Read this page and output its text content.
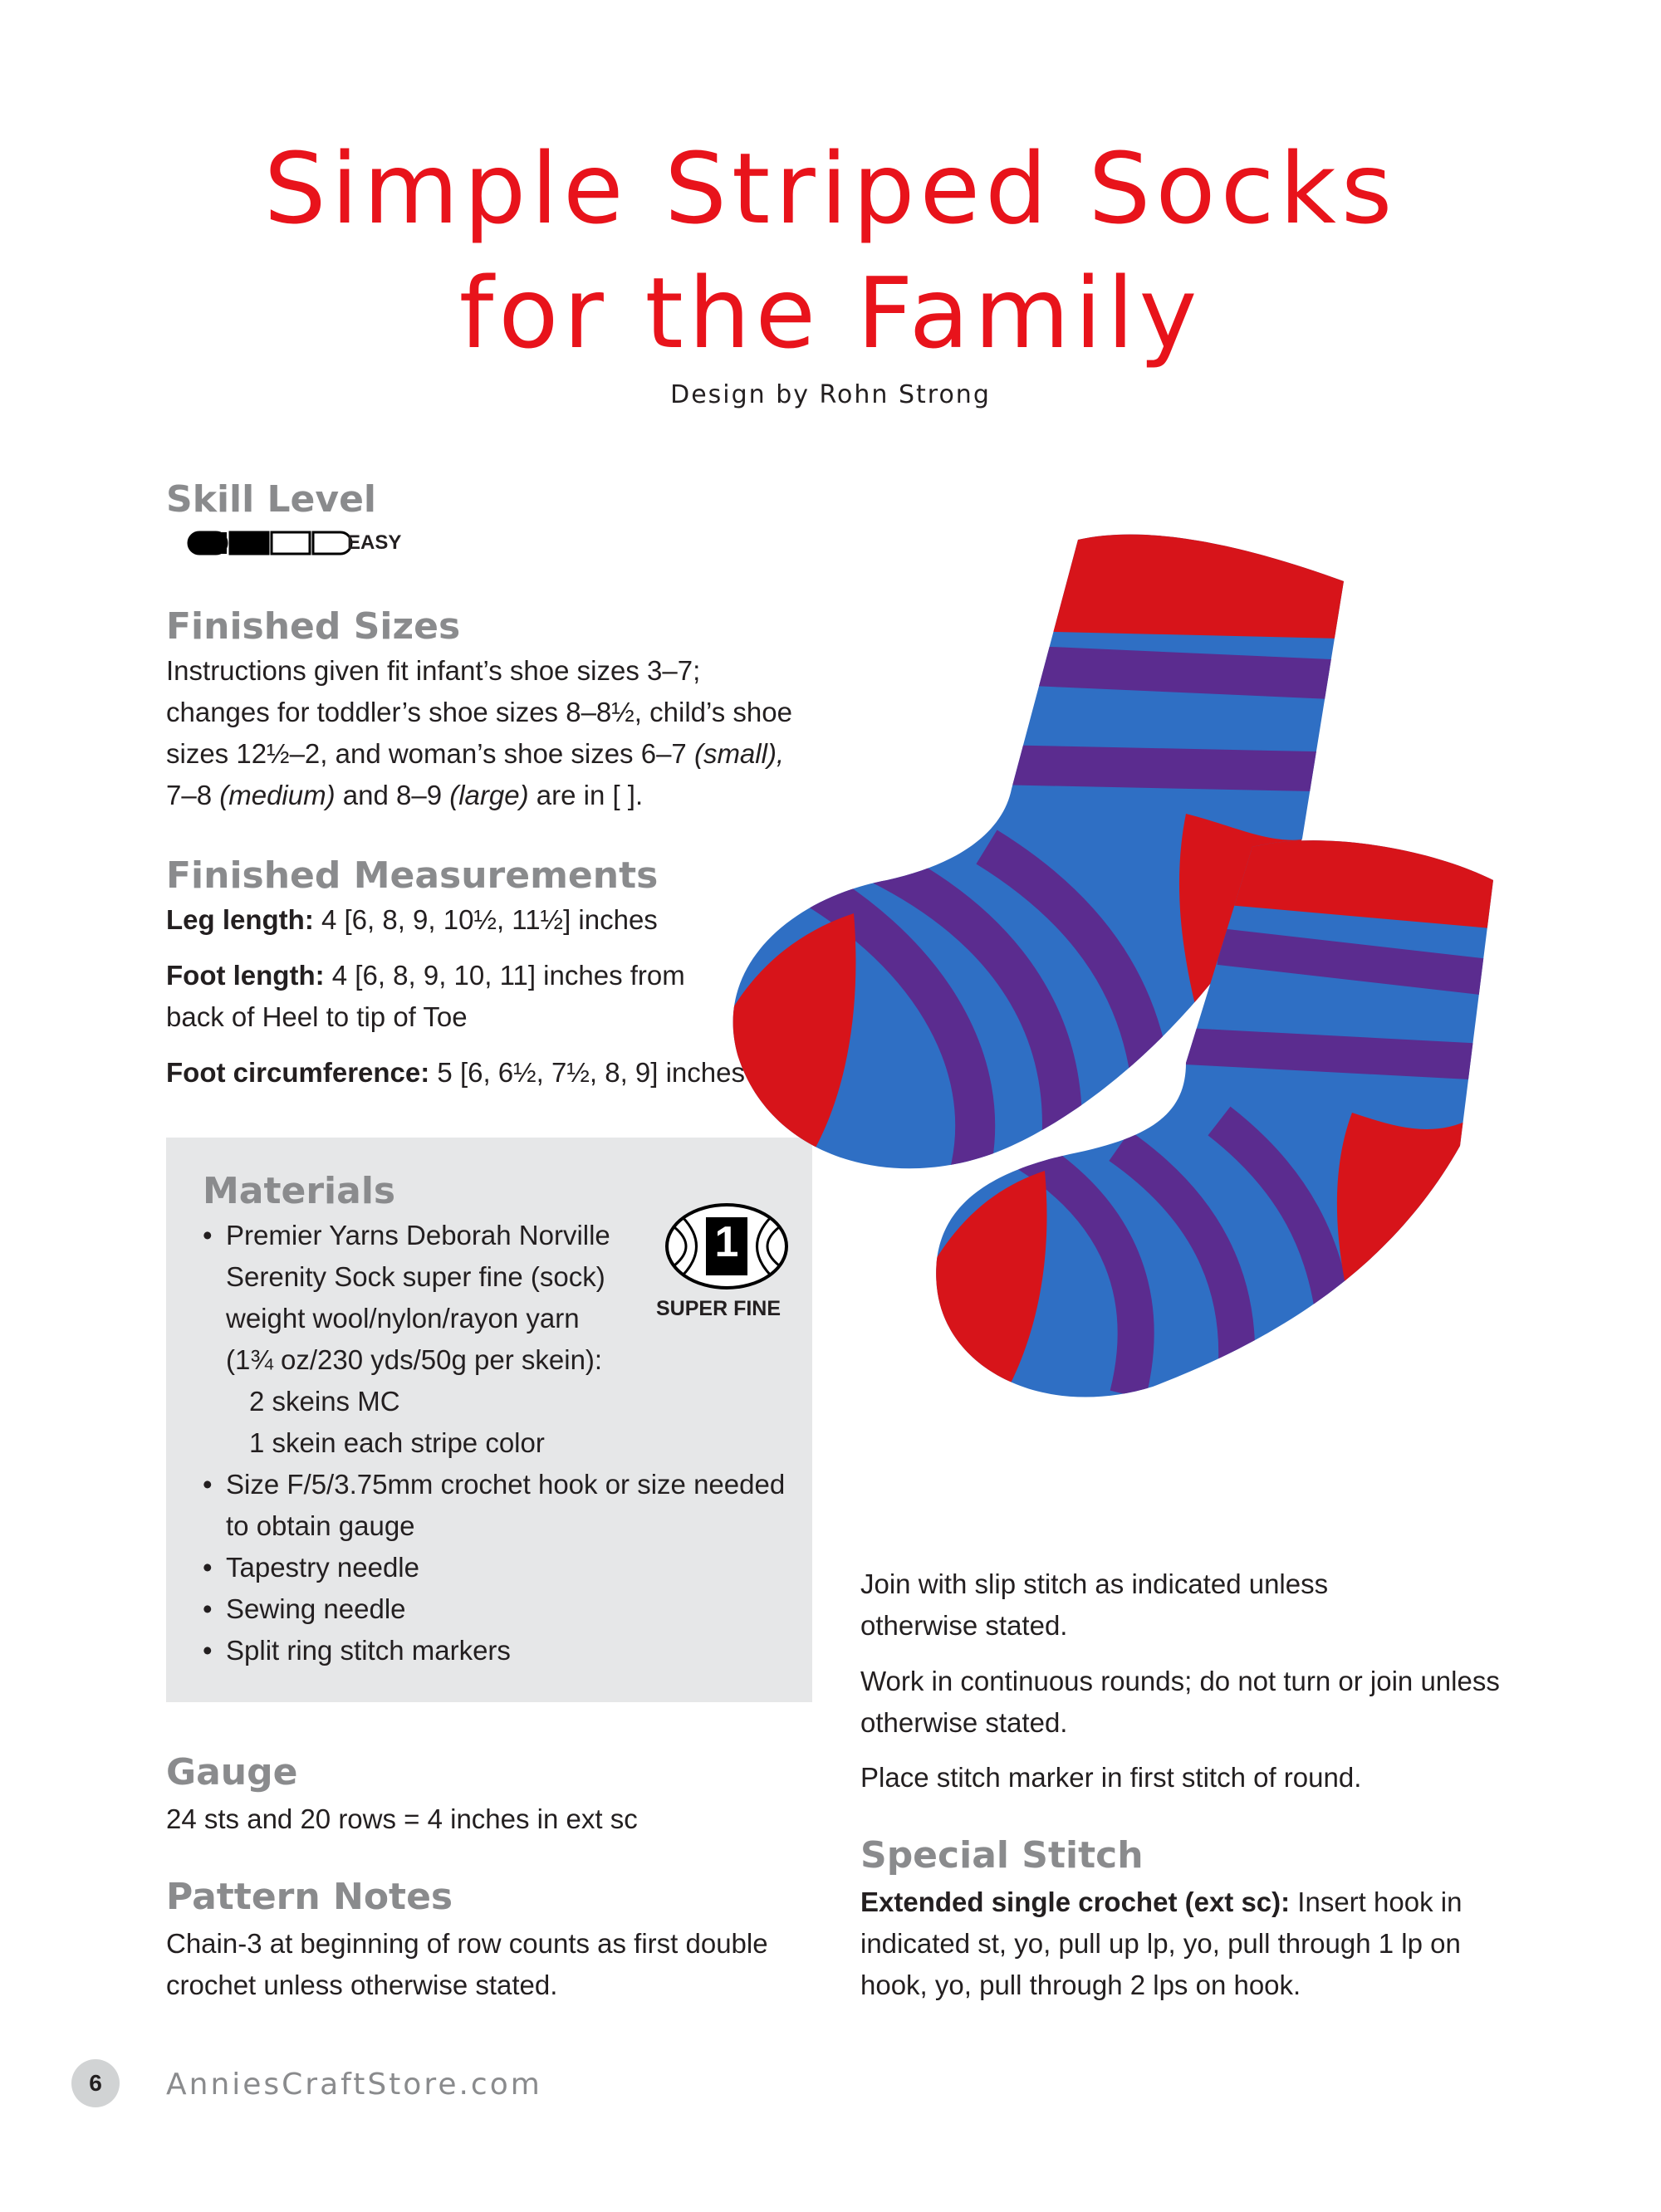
Simple Striped Socks
for the Family
Design by Rohn Strong
Skill Level
EASY
Finished Sizes
Instructions given fit infant’s shoe sizes 3–7;
changes for toddler’s shoe sizes 8–8½, child’s shoe
sizes 12½–2, and woman’s shoe sizes 6–7 (small),
7–8 (medium) and 8–9 (large) are in [ ].
Finished Measurements
Leg length: 4 [6, 8, 9, 10½, 11½] inches
Foot length: 4 [6, 8, 9, 10, 11] inches from
back of Heel to tip of Toe
Foot circumference: 5 [6, 6½, 7½, 8, 9] inches
Materials
1
SUPER FINE
• Premier Yarns Deborah Norville
Serenity Sock super fine (sock)
weight wool/nylon/rayon yarn
(1¾ oz/230 yds/50g per skein):
2 skeins MC
1 skein each stripe color
• Size F/5/3.75mm crochet hook or size needed
to obtain gauge
• Tapestry needle
• Sewing needle
• Split ring stitch markers
Gauge
24 sts and 20 rows = 4 inches in ext sc
Pattern Notes
Chain-3 at beginning of row counts as first double
crochet unless otherwise stated.
Join with slip stitch as indicated unless
otherwise stated.
Work in continuous rounds; do not turn or join unless
otherwise stated.
Place stitch marker in first stitch of round.
Special Stitch
Extended single crochet (ext sc): Insert hook in
indicated st, yo, pull up lp, yo, pull through 1 lp on
hook, yo, pull through 2 lps on hook.
6	AnniesCraftStore.com
